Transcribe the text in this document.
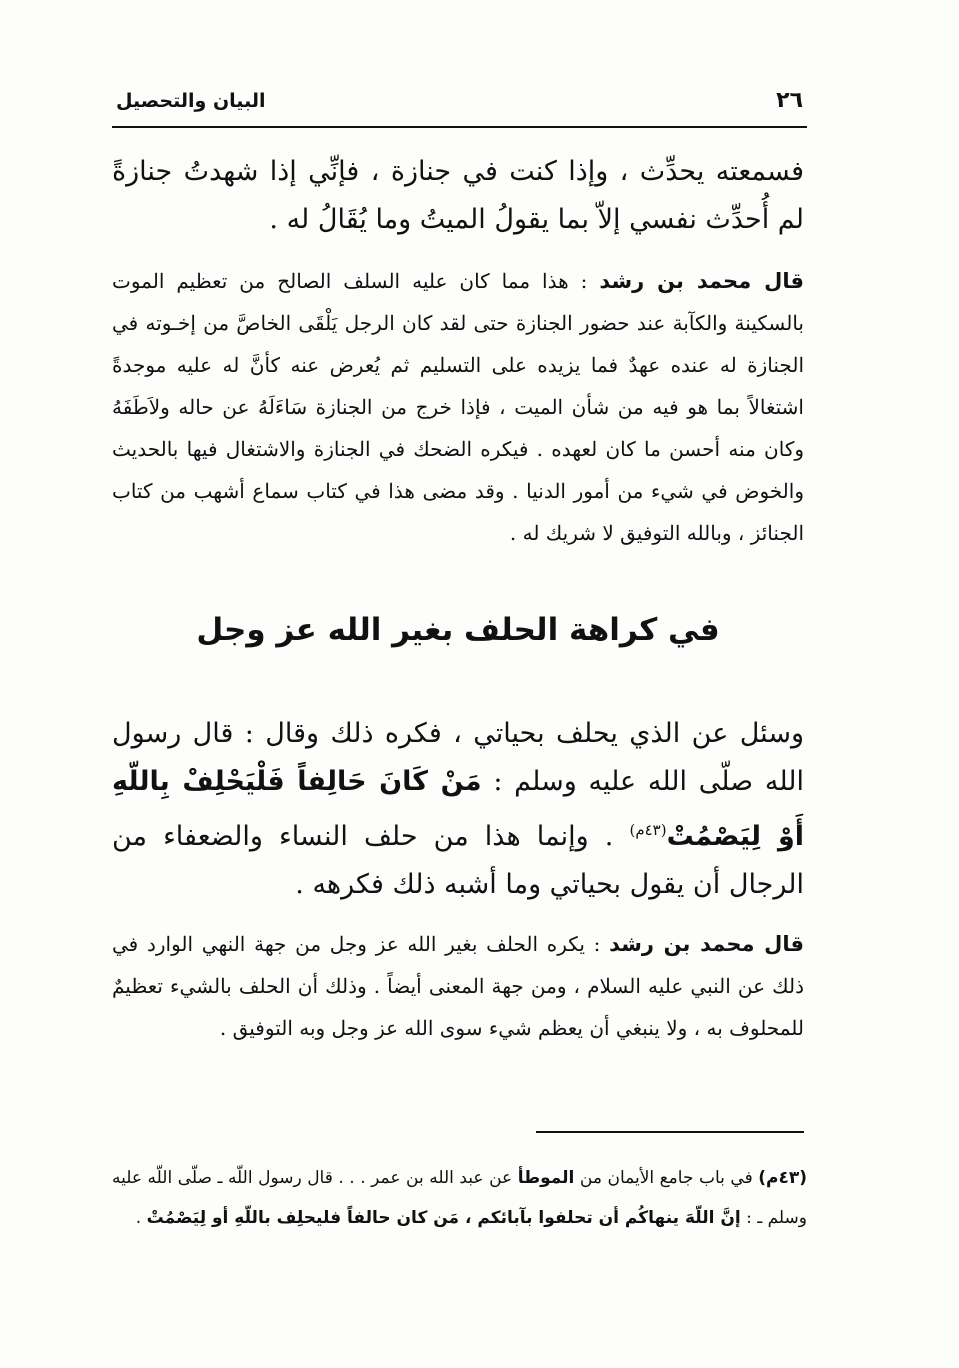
٢٦
البيان والتحصيل

فسمعته يحدِّث ، وإذا كنت في جنازة ، فإنِّي إذا شهدتُ جنازةً لم أُحدِّث نفسي إلاّ بما يقولُ الميتُ وما يُقَالُ له .

قال محمد بن رشد : هذا مما كان عليه السلف الصالح من تعظيم الموت بالسكينة والكآبة عند حضور الجنازة حتى لقد كان الرجل يَلْقَى الخاصَّ من إخـوته في الجنازة له عنده عهدٌ فما يزيده على التسليم ثم يُعرض عنه كأنَّ له عليه موجدةً اشتغالاً بما هو فيه من شأن الميت ، فإذا خرج من الجنازة سَاءَلَهُ عن حاله ولاَطَفَهُ وكان منه أحسن ما كان لعهده . فيكره الضحك في الجنازة والاشتغال فيها بالحديث والخوض في شيء من أمور الدنيا . وقد مضى هذا في كتاب سماع أشهب من كتاب الجنائز ، وبالله التوفيق لا شريك له .

في كراهة الحلف بغير الله عز وجل

وسئل عن الذي يحلف بحياتي ، فكره ذلك وقال : قال رسول الله صلّى الله عليه وسلم : مَنْ كَانَ حَالِفاً فَلْيَحْلِفْ بِاللّهِ أَوْ لِيَصْمُتْ$^{(٤٣م)}$ . وإنما هذا من حلف النساء والضعفاء من الرجال أن يقول بحياتي وما أشبه ذلك فكرهه .

قال محمد بن رشد : يكره الحلف بغير الله عز وجل من جهة النهي الوارد في ذلك عن النبي عليه السلام ، ومن جهة المعنى أيضاً . وذلك أن الحلف بالشيء تعظيمٌ للمحلوف به ، ولا ينبغي أن يعظم شيء سوى الله عز وجل وبه التوفيق .

(٤٣م) في باب جامع الأيمان من الموطأ عن عبد الله بن عمر . . . قال رسول اللّه ـ صلّى اللّه عليه وسلم ـ : إنَّ اللّهَ ينهاكُم أن تحلفوا بآبائكم ، مَن كان حالفاً فليحلِف باللّهِ أو لِيَصْمُتْ .
